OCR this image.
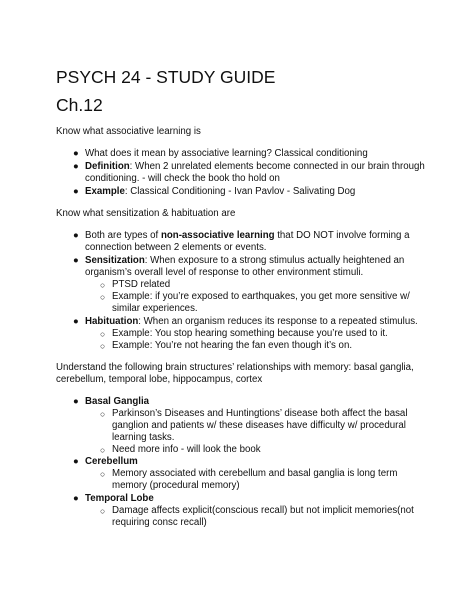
PSYCH 24 - STUDY GUIDE
Ch.12
Know what associative learning is
● What does it mean by associative learning? Classical conditioning
● Definition: When 2 unrelated elements become connected in our brain through
conditioning. - will check the book tho hold on
● Example: Classical Conditioning - Ivan Pavlov - Salivating Dog
Know what sensitization & habituation are
● Both are types of non-associative learning that DO NOT involve forming a
connection between 2 elements or events.
● Sensitization: When exposure to a strong stimulus actually heightened an
organism’s overall level of response to other environment stimuli.
○ PTSD related
○ Example: if you’re exposed to earthquakes, you get more sensitive w/
similar experiences.
● Habituation: When an organism reduces its response to a repeated stimulus.
○ Example: You stop hearing something because you’re used to it.
○ Example: You’re not hearing the fan even though it’s on.
Understand the following brain structures’ relationships with memory: basal ganglia,
cerebellum, temporal lobe, hippocampus, cortex
● Basal Ganglia
○ Parkinson’s Diseases and Huntingtions’ disease both affect the basal
ganglion and patients w/ these diseases have difficulty w/ procedural
learning tasks.
○ Need more info - will look the book
● Cerebellum
○ Memory associated with cerebellum and basal ganglia is long term
memory (procedural memory)
● Temporal Lobe
○ Damage affects explicit(conscious recall) but not implicit memories(not
requiring consc recall)
